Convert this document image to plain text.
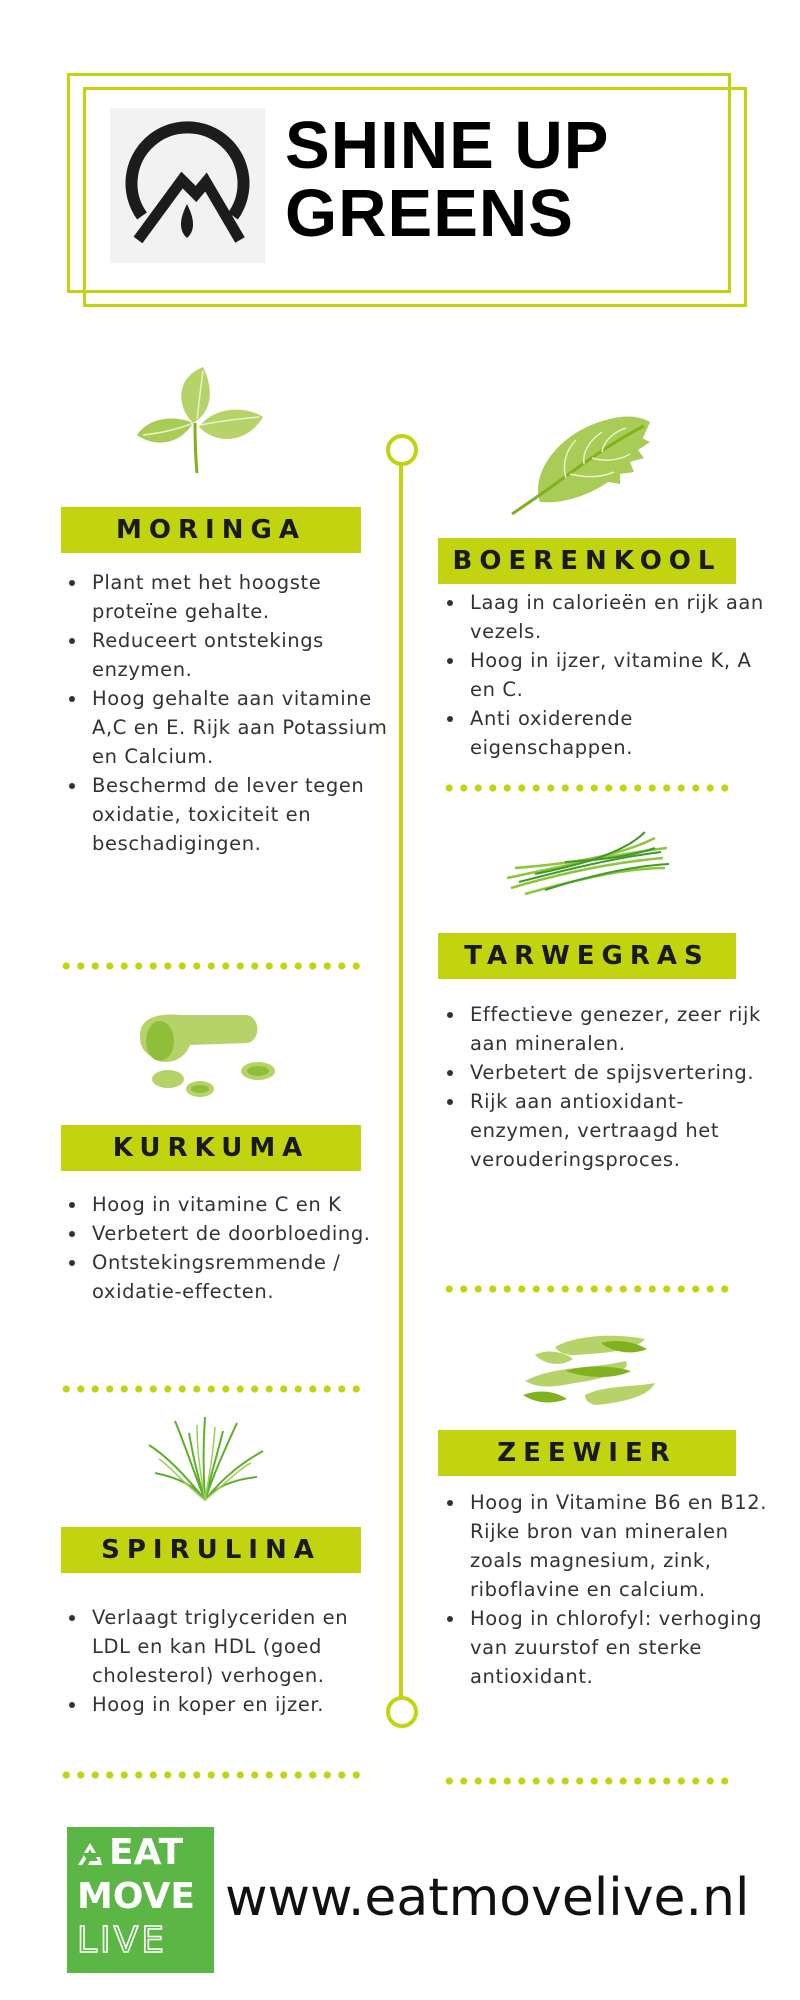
SHINE UP
GREENS
MORINGA
• Plant met het hoogste proteïne gehalte.
• Reduceert ontstekings enzymen.
• Hoog gehalte aan vitamine A,C en E. Rijk aan Potassium en Calcium.
• Beschermd de lever tegen oxidatie, toxiciteit en beschadigingen.
KURKUMA
• Hoog in vitamine C en K
• Verbetert de doorbloeding.
• Ontstekingsremmende / oxidatie-effecten.
SPIRULINA
• Verlaagt triglyceriden en LDL en kan HDL (goed cholesterol) verhogen.
• Hoog in koper en ijzer.
BOERENKOOL
• Laag in calorieën en rijk aan vezels.
• Hoog in ijzer, vitamine K, A en C.
• Anti oxiderende eigenschappen.
TARWEGRAS
• Effectieve genezer, zeer rijk aan mineralen.
• Verbetert de spijsvertering.
• Rijk aan antioxidant-enzymen, vertraagd het verouderingsproces.
ZEEWIER
• Hoog in Vitamine B6 en B12. Rijke bron van mineralen zoals magnesium, zink, riboflavine en calcium.
• Hoog in chlorofyl: verhoging van zuurstof en sterke antioxidant.
EAT
MOVE
LIVE
www.eatmovelive.nl
